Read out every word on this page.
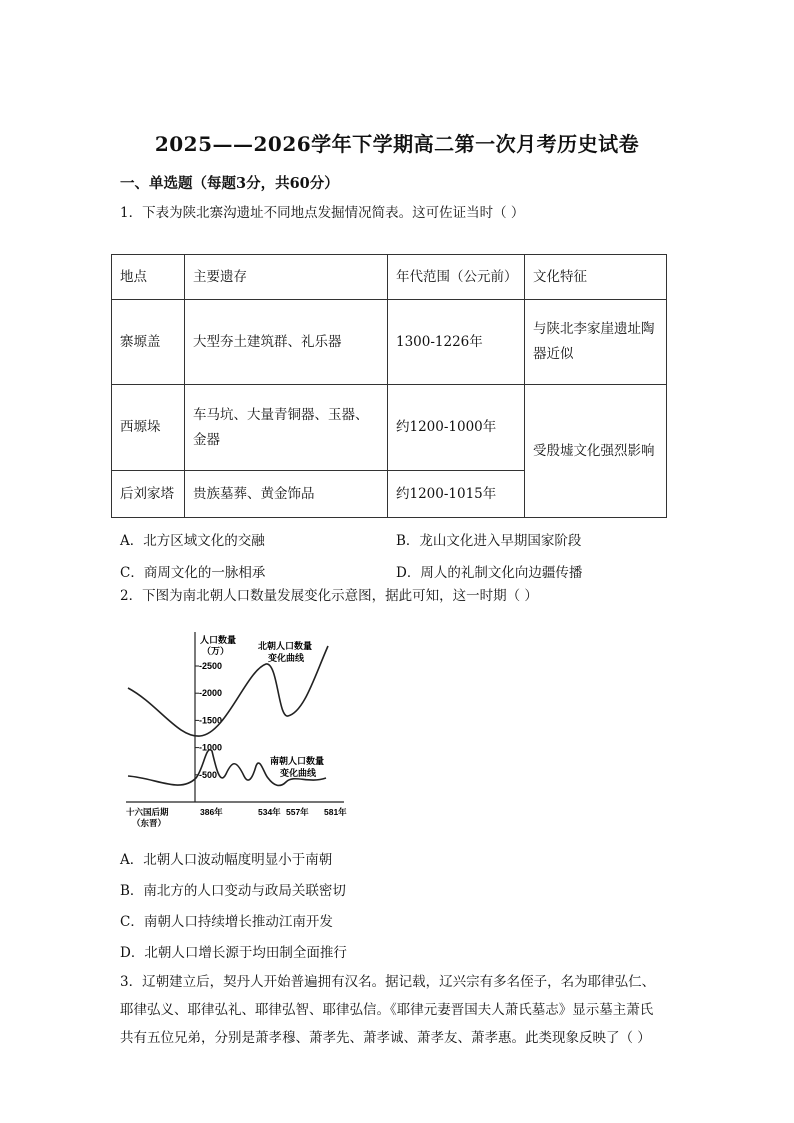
2025——2026学年下学期高二第一次月考历史试卷
一、单选题（每题3分，共60分）
1．下表为陕北寨沟遗址不同地点发掘情况简表。这可佐证当时（ ）
地点	主要遗存	年代范围（公元前）	文化特征
寨塬盖	大型夯土建筑群、礼乐器	1300-1226年	与陕北李家崖遗址陶器近似
西塬垛	车马坑、大量青铜器、玉器、金器	约1200-1000年	受殷墟文化强烈影响
后刘家塔	贵族墓葬、黄金饰品	约1200-1015年	
A．北方区域文化的交融	B．龙山文化进入早期国家阶段
C．商周文化的一脉相承	D．周人的礼制文化向边疆传播
2．下图为南北朝人口数量发展变化示意图，据此可知，这一时期（ ）
人口数量
（万）
-500
-1000
-1500
-2000
-2500
十六国后期
（东晋）
386年	534年 557年 581年
北朝人口数量
变化曲线
南朝人口数量
变化曲线
A．北朝人口波动幅度明显小于南朝
B．南北方的人口变动与政局关联密切
C．南朝人口持续增长推动江南开发
D．北朝人口增长源于均田制全面推行
3．辽朝建立后，契丹人开始普遍拥有汉名。据记载，辽兴宗有多名侄子，名为耶律弘仁、
耶律弘义、耶律弘礼、耶律弘智、耶律弘信。《耶律元妻晋国夫人萧氏墓志》显示墓主萧氏
共有五位兄弟，分别是萧孝穆、萧孝先、萧孝诚、萧孝友、萧孝惠。此类现象反映了（ ）
